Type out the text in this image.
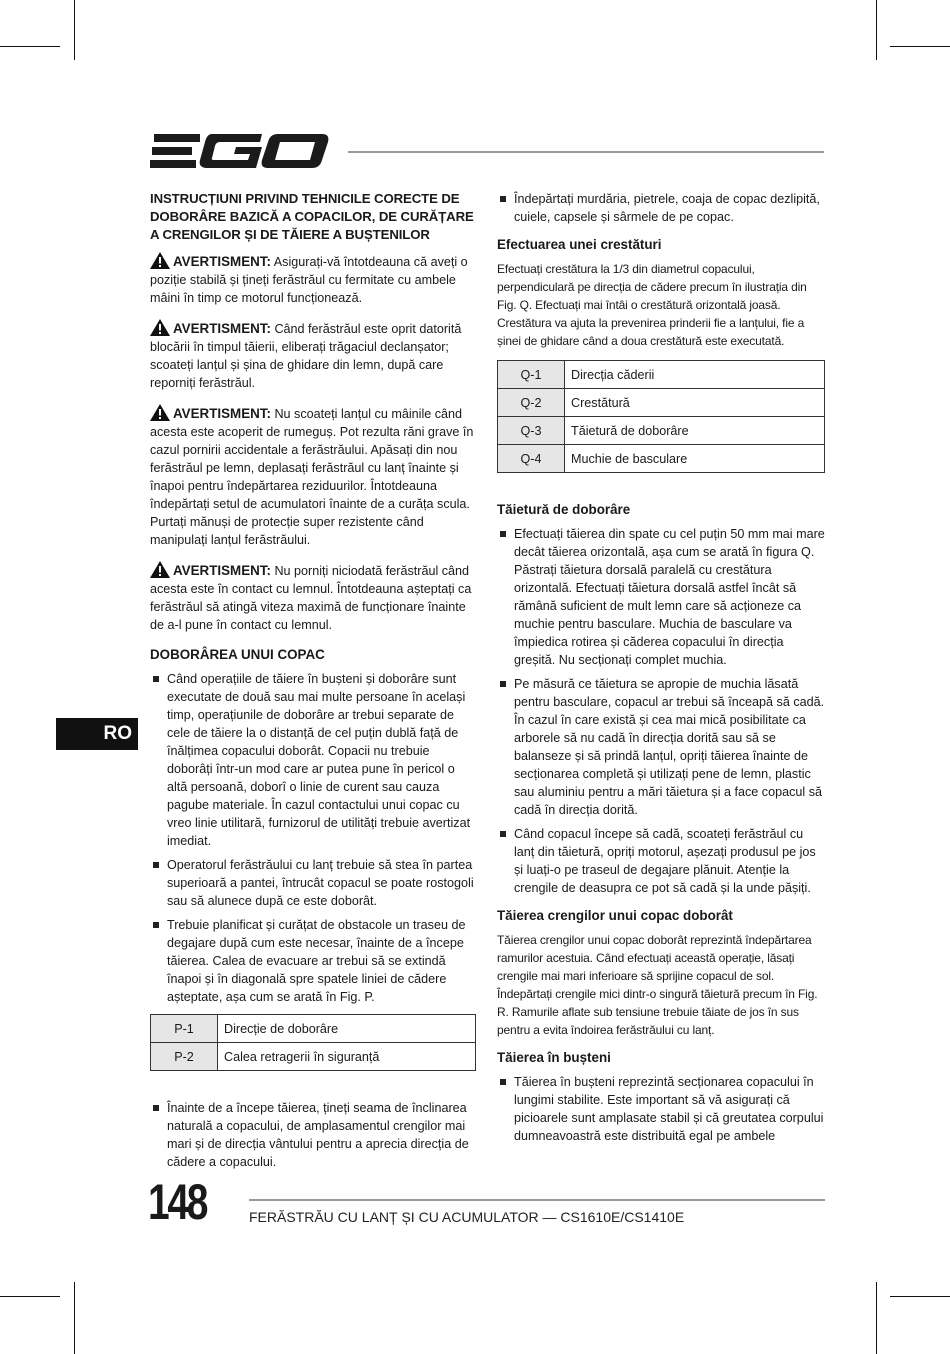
INSTRUCȚIUNI PRIVIND TEHNICILE CORECTE DE DOBORÂRE BAZICĂ A COPACILOR, DE CURĂȚARE A CRENGILOR ȘI DE TĂIERE A BUȘTENILOR
AVERTISMENT: Asigurați-vă întotdeauna că aveți o poziție stabilă și țineți ferăstrăul cu fermitate cu ambele mâini în timp ce motorul funcționează.
AVERTISMENT: Când ferăstrăul este oprit datorită blocării în timpul tăierii, eliberați trăgaciul declanșator; scoateți lanțul și șina de ghidare din lemn, după care reporniți ferăstrăul.
AVERTISMENT: Nu scoateți lanțul cu mâinile când acesta este acoperit de rumeguș. Pot rezulta răni grave în cazul pornirii accidentale a ferăstrăului. Apăsați din nou ferăstrăul pe lemn, deplasați ferăstrăul cu lanț înainte și înapoi pentru îndepărtarea reziduurilor. Întotdeauna îndepărtați setul de acumulatori înainte de a curăța scula. Purtați mănuși de protecție super rezistente când manipulați lanțul ferăstrăului.
AVERTISMENT: Nu porniți niciodată ferăstrăul când acesta este în contact cu lemnul. Întotdeauna așteptați ca ferăstrăul să atingă viteza maximă de funcționare înainte de a-l pune în contact cu lemnul.
DOBORÂREA UNUI COPAC
Când operațiile de tăiere în bușteni și doborâre sunt executate de două sau mai multe persoane în același timp, operațiunile de doborâre ar trebui separate de cele de tăiere la o distanță de cel puțin dublă față de înălțimea copacului doborât. Copacii nu trebuie doborâți într-un mod care ar putea pune în pericol o altă persoană, doborî o linie de curent sau cauza pagube materiale. În cazul contactului unui copac cu vreo linie utilitară, furnizorul de utilități trebuie avertizat imediat.
Operatorul ferăstrăului cu lanț trebuie să stea în partea superioară a pantei, întrucât copacul se poate rostogoli sau să alunece după ce este doborât.
Trebuie planificat și curățat de obstacole un traseu de degajare după cum este necesar, înainte de a începe tăierea. Calea de evacuare ar trebui să se extindă înapoi și în diagonală spre spatele liniei de cădere așteptate, așa cum se arată în Fig. P.
P-1	Direcție de doborâre
P-2	Calea retragerii în siguranță
Înainte de a începe tăierea, țineți seama de înclinarea naturală a copacului, de amplasamentul crengilor mai mari și de direcția vântului pentru a aprecia direcția de cădere a copacului.
Îndepărtați murdăria, pietrele, coaja de copac dezlipită, cuiele, capsele și sârmele de pe copac.
Efectuarea unei crestături

Efectuați crestătura la 1/3 din diametrul copacului, perpendiculară pe direcția de cădere precum în ilustrația din Fig. Q. Efectuați mai întâi o crestătură orizontală joasă. Crestătura va ajuta la prevenirea prinderii fie a lanțului, fie a șinei de ghidare când a doua crestătură este executată.

Q-1	Direcția căderii
Q-2	Crestătură
Q-3	Tăietură de doborâre
Q-4	Muchie de basculare
Tăietură de doborâre
Efectuați tăierea din spate cu cel puțin 50 mm mai mare decât tăierea orizontală, așa cum se arată în figura Q. Păstrați tăietura dorsală paralelă cu crestătura orizontală. Efectuați tăietura dorsală astfel încât să rămână suficient de mult lemn care să acționeze ca muchie pentru basculare. Muchia de basculare va împiedica rotirea și căderea copacului în direcția greșită. Nu secționați complet muchia.
Pe măsură ce tăietura se apropie de muchia lăsată pentru basculare, copacul ar trebui să înceapă să cadă. În cazul în care există și cea mai mică posibilitate ca arborele să nu cadă în direcția dorită sau să se balanseze și să prindă lanțul, opriți tăierea înainte de secționarea completă și utilizați pene de lemn, plastic sau aluminiu pentru a mări tăietura și a face copacul să cadă în direcția dorită.
Când copacul începe să cadă, scoateți ferăstrăul cu lanț din tăietură, opriți motorul, așezați produsul pe jos și luați-o pe traseul de degajare plănuit. Atenție la crengile de deasupra ce pot să cadă și la unde pășiți.
Tăierea crengilor unui copac doborât

Tăierea crengilor unui copac doborât reprezintă îndepărtarea ramurilor acestuia. Când efectuați această operație, lăsați crengile mai mari inferioare să sprijine copacul de sol. Îndepărtați crengile mici dintr-o singură tăietură precum în Fig. R. Ramurile aflate sub tensiune trebuie tăiate de jos în sus pentru a evita îndoirea ferăstrăului cu lanț.

Tăierea în bușteni
Tăierea în bușteni reprezintă secționarea copacului în lungimi stabilite. Este important să vă asigurați că picioarele sunt amplasate stabil și că greutatea corpului dumneavoastră este distribuită egal pe ambele
RO
148	FERĂSTRĂU CU LANȚ ȘI CU ACUMULATOR — CS1610E/CS1410E
